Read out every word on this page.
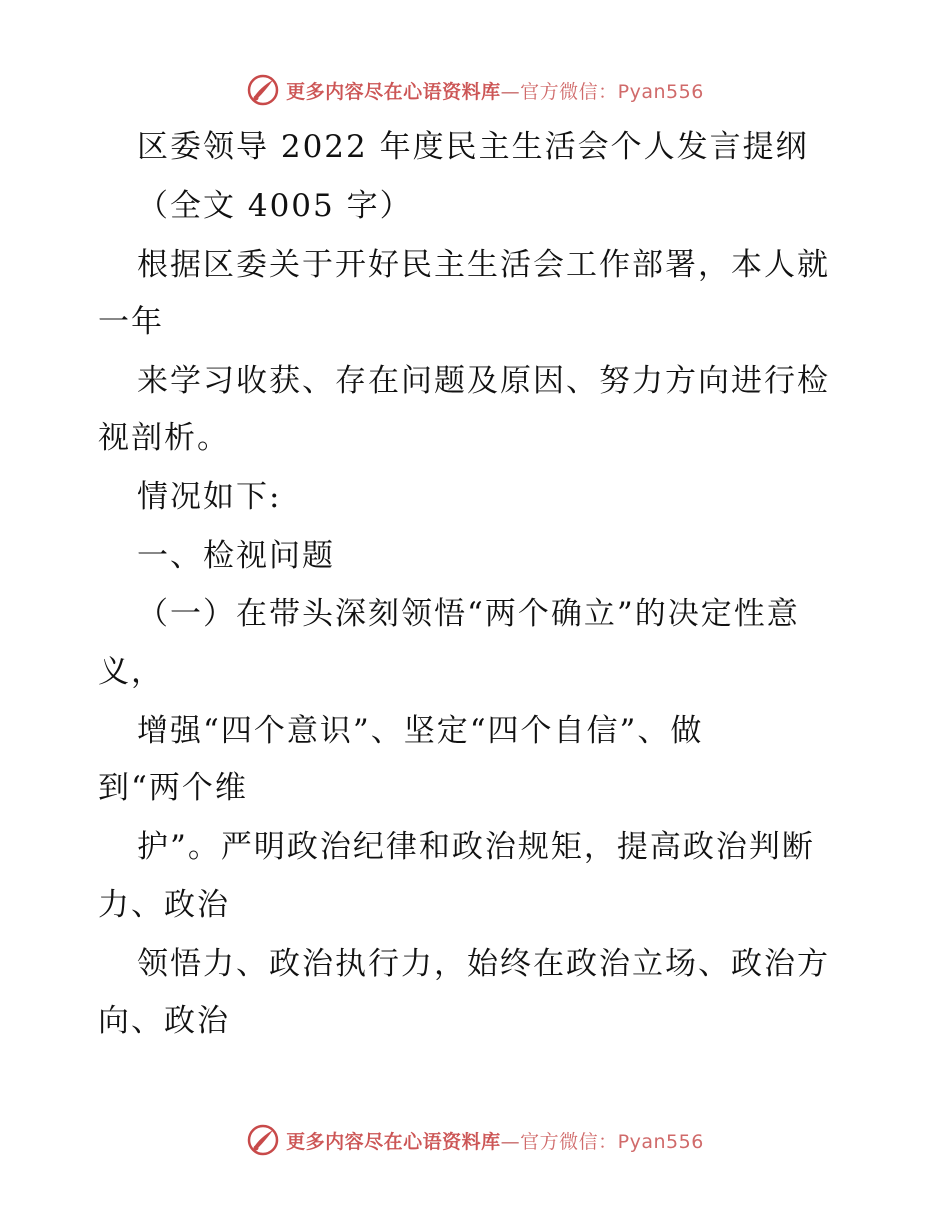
更多内容尽在心语资料库—官方微信：Pyan556
区委领导 2022 年度民主生活会个人发言提纲
（全文 4005 字）
根据区委关于开好民主生活会工作部署，本人就
一年
来学习收获、存在问题及原因、努力方向进行检
视剖析。
情况如下:
一、检视问题
（一）在带头深刻领悟“两个确立”的决定性意
义，
增强“四个意识”、坚定“四个自信”、做
到“两个维
护”。严明政治纪律和政治规矩，提高政治判断
力、政治
领悟力、政治执行力，始终在政治立场、政治方
向、政治
更多内容尽在心语资料库—官方微信：Pyan556
